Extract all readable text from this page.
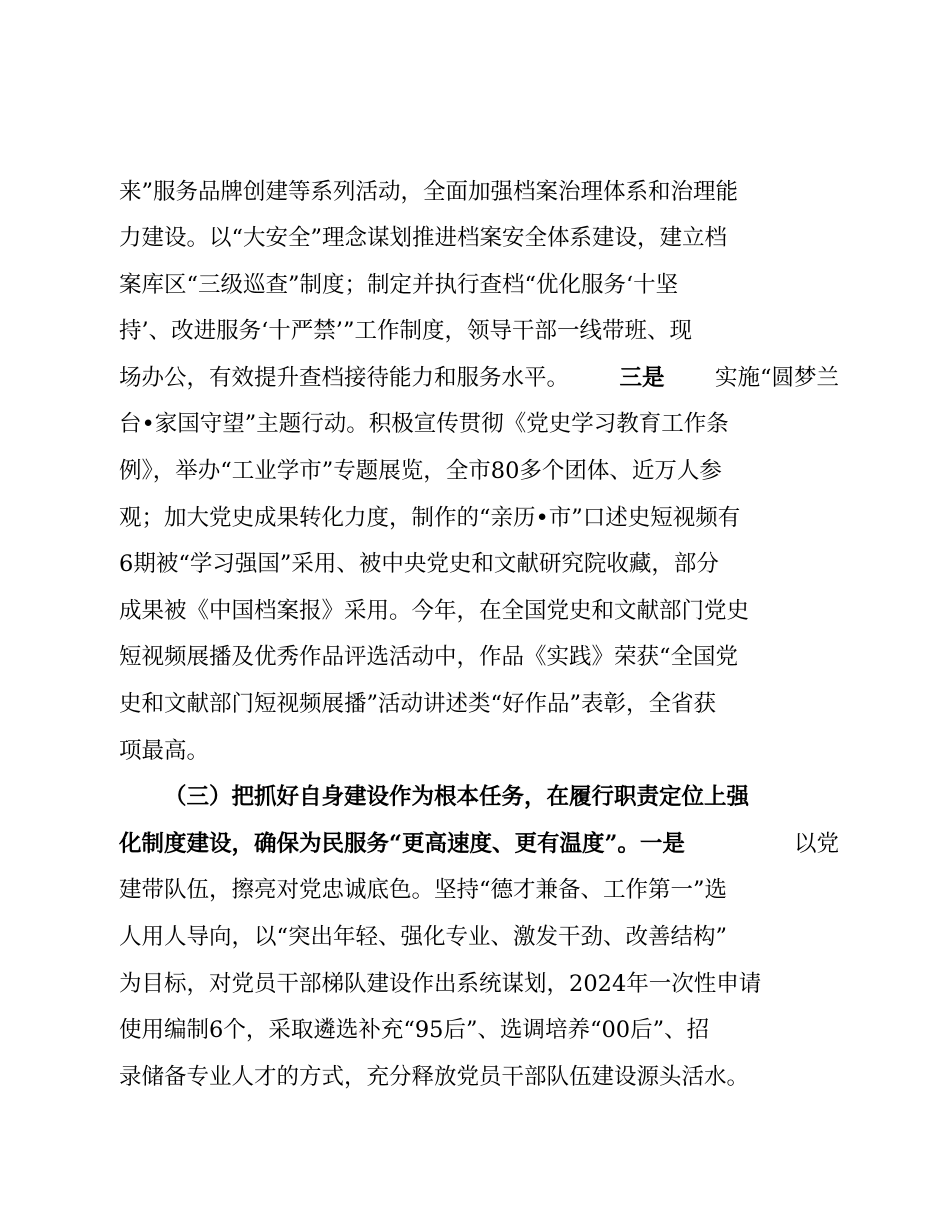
来”服务品牌创建等系列活动，全面加强档案治理体系和治理能
力建设。以“大安全”理念谋划推进档案安全体系建设，建立档
案库区“三级巡查”制度；制定并执行查档“优化服务‘十坚
持’、改进服务‘十严禁’”工作制度，领导干部一线带班、现
场办公，有效提升查档接待能力和服务水平。 三是 实施“圆梦兰
台•家国守望”主题行动。积极宣传贯彻《党史学习教育工作条
例》，举办“工业学市”专题展览，全市80多个团体、近万人参
观；加大党史成果转化力度，制作的“亲历•市”口述史短视频有
6期被“学习强国”采用、被中央党史和文献研究院收藏，部分
成果被《中国档案报》采用。今年，在全国党史和文献部门党史
短视频展播及优秀作品评选活动中，作品《实践》荣获“全国党
史和文献部门短视频展播”活动讲述类“好作品”表彰，全省获
项最高。
（三）把抓好自身建设作为根本任务，在履行职责定位上强
化制度建设，确保为民服务“更高速度、更有温度”。一是	以党
建带队伍，擦亮对党忠诚底色。坚持“德才兼备、工作第一”选
人用人导向，以“突出年轻、强化专业、激发干劲、改善结构”
为目标，对党员干部梯队建设作出系统谋划，2024年一次性申请
使用编制6个，采取遴选补充“95后”、选调培养“00后”、招
录储备专业人才的方式，充分释放党员干部队伍建设源头活水。
